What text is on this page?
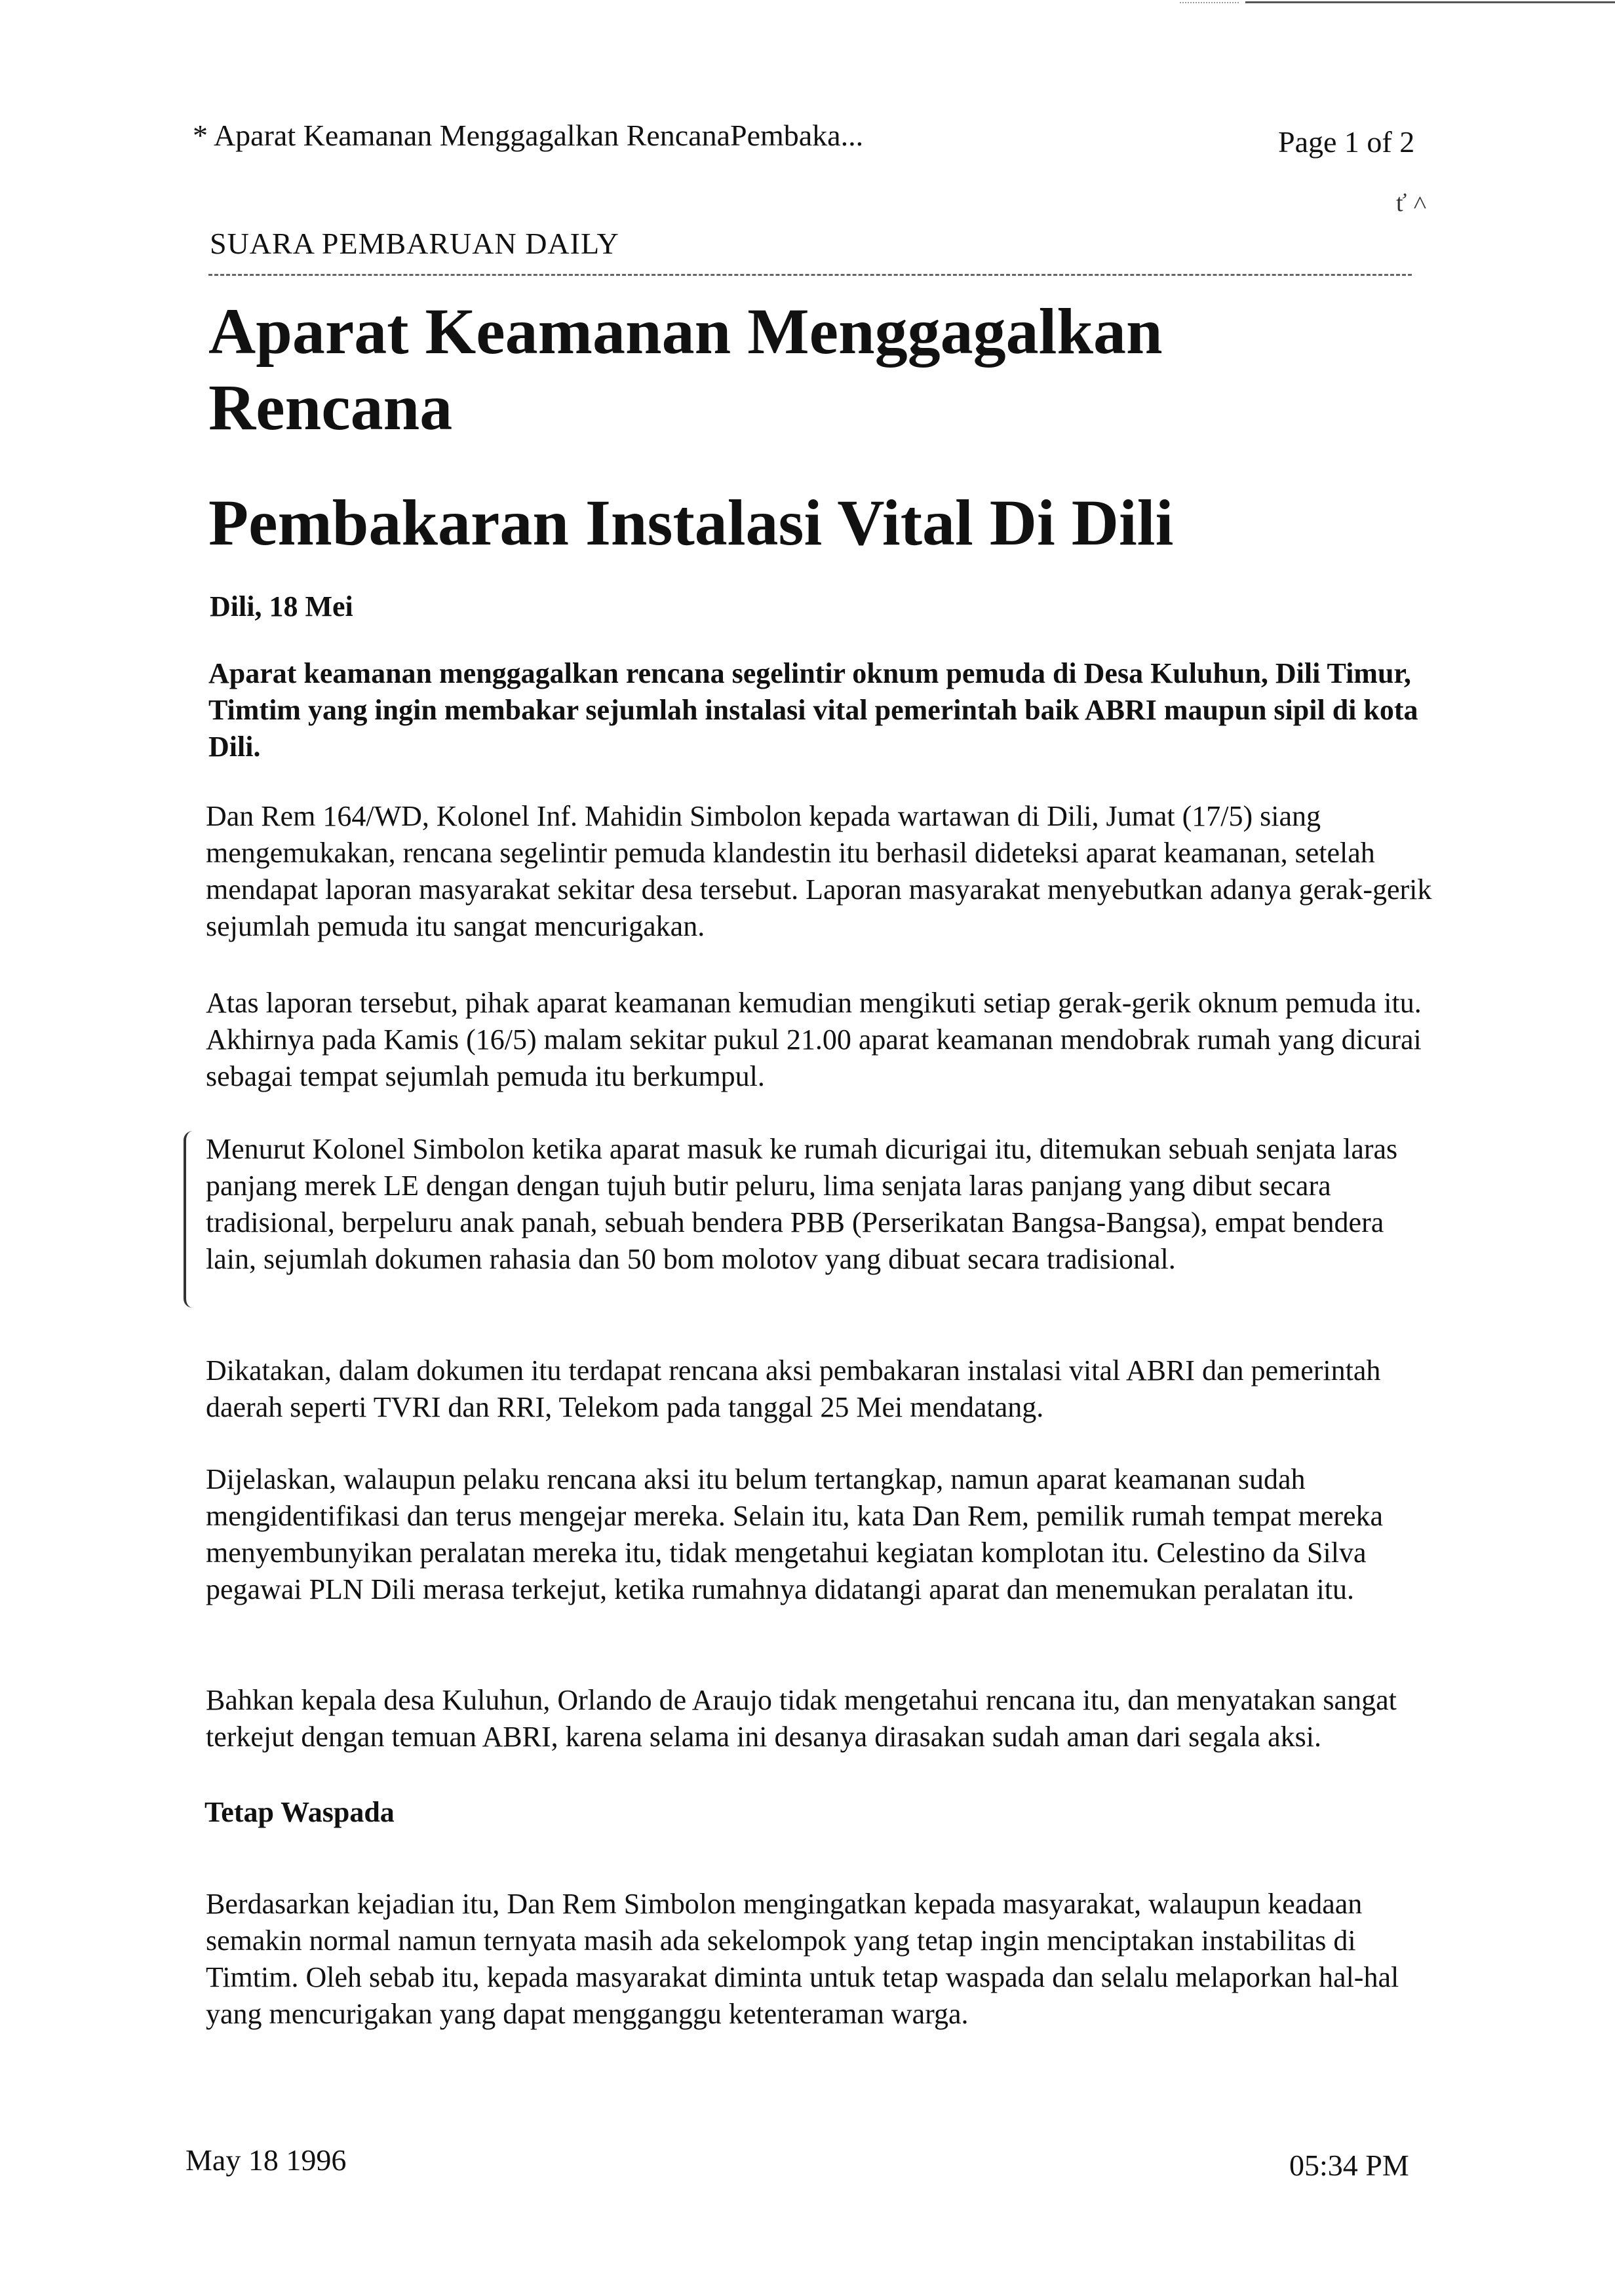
* Aparat Keamanan Menggagalkan RencanaPembaka...	Page 1 of 2
ť ˄
SUARA PEMBARUAN DAILY
Aparat Keamanan Menggagalkan Rencana
Pembakaran Instalasi Vital Di Dili
Dili, 18 Mei
Aparat keamanan menggagalkan rencana segelintir oknum pemuda di Desa Kuluhun, Dili Timur, Timtim yang ingin membakar sejumlah instalasi vital pemerintah baik ABRI maupun sipil di kota Dili.
Dan Rem 164/WD, Kolonel Inf. Mahidin Simbolon kepada wartawan di Dili, Jumat (17/5) siang mengemukakan, rencana segelintir pemuda klandestin itu berhasil dideteksi aparat keamanan, setelah mendapat laporan masyarakat sekitar desa tersebut. Laporan masyarakat menyebutkan adanya gerak-gerik sejumlah pemuda itu sangat mencurigakan.
Atas laporan tersebut, pihak aparat keamanan kemudian mengikuti setiap gerak-gerik oknum pemuda itu. Akhirnya pada Kamis (16/5) malam sekitar pukul 21.00 aparat keamanan mendobrak rumah yang dicurai sebagai tempat sejumlah pemuda itu berkumpul.
Menurut Kolonel Simbolon ketika aparat masuk ke rumah dicurigai itu, ditemukan sebuah senjata laras panjang merek LE dengan dengan tujuh butir peluru, lima senjata laras panjang yang dibut secara tradisional, berpeluru anak panah, sebuah bendera PBB (Perserikatan Bangsa-Bangsa), empat bendera lain, sejumlah dokumen rahasia dan 50 bom molotov yang dibuat secara tradisional.
Dikatakan, dalam dokumen itu terdapat rencana aksi pembakaran instalasi vital ABRI dan pemerintah daerah seperti TVRI dan RRI, Telekom pada tanggal 25 Mei mendatang.
Dijelaskan, walaupun pelaku rencana aksi itu belum tertangkap, namun aparat keamanan sudah mengidentifikasi dan terus mengejar mereka. Selain itu, kata Dan Rem, pemilik rumah tempat mereka menyembunyikan peralatan mereka itu, tidak mengetahui kegiatan komplotan itu. Celestino da Silva pegawai PLN Dili merasa terkejut, ketika rumahnya didatangi aparat dan menemukan peralatan itu.
Bahkan kepala desa Kuluhun, Orlando de Araujo tidak mengetahui rencana itu, dan menyatakan sangat terkejut dengan temuan ABRI, karena selama ini desanya dirasakan sudah aman dari segala aksi.
Tetap Waspada
Berdasarkan kejadian itu, Dan Rem Simbolon mengingatkan kepada masyarakat, walaupun keadaan semakin normal namun ternyata masih ada sekelompok yang tetap ingin menciptakan instabilitas di Timtim. Oleh sebab itu, kepada masyarakat diminta untuk tetap waspada dan selalu melaporkan hal-hal yang mencurigakan yang dapat mengganggu ketenteraman warga.
May 18 1996	05:34 PM
